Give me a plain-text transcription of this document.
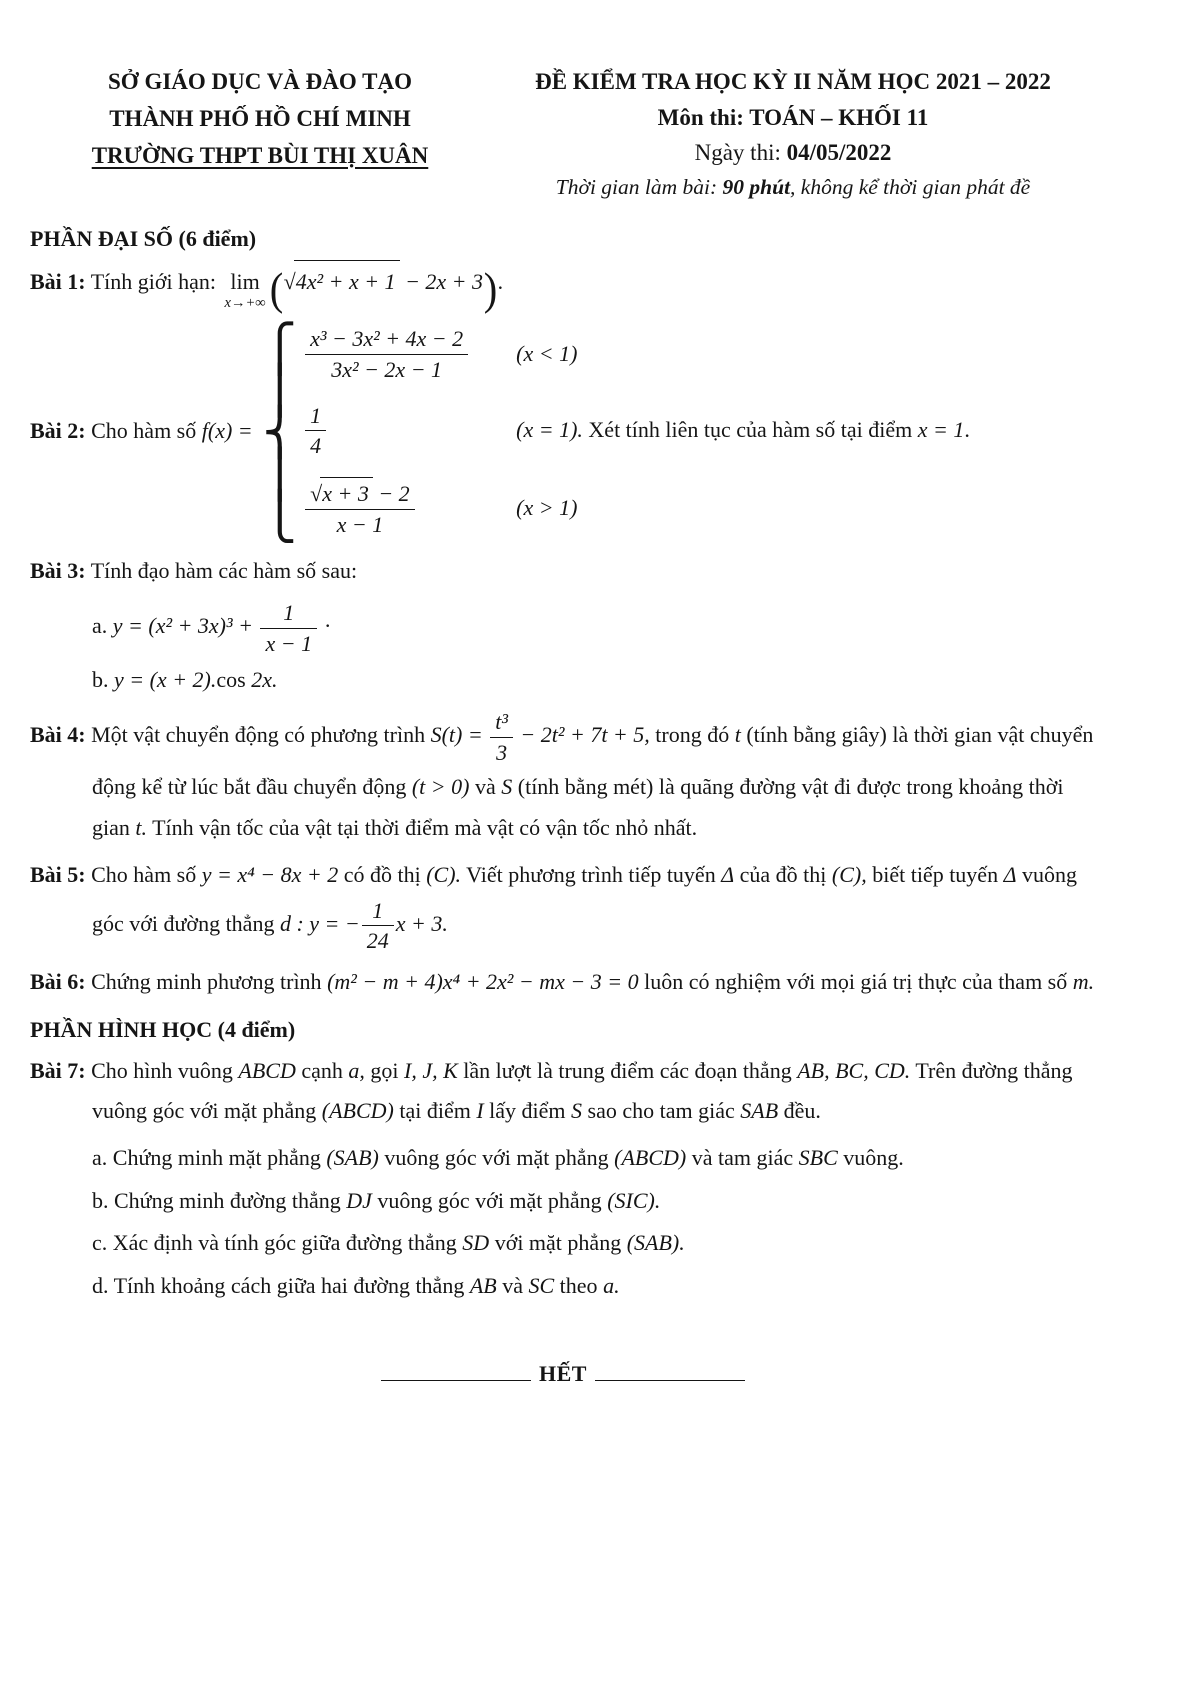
SỞ GIÁO DỤC VÀ ĐÀO TẠO
THÀNH PHỐ HỒ CHÍ MINH
TRƯỜNG THPT BÙI THỊ XUÂN
ĐỀ KIỂM TRA HỌC KỲ II NĂM HỌC 2021 – 2022
Môn thi: TOÁN – KHỐI 11
Ngày thi: 04/05/2022
Thời gian làm bài: 90 phút, không kể thời gian phát đề
PHẦN ĐẠI SỐ (6 điểm)
Bài 1: Tính giới hạn: lim
x→+∞ (√4x² + x + 1 − 2x + 3).
Bài 2: Cho hàm số f(x) =
⎧
⎪
⎨
⎪
⎩
$\frac{\text{x³ − 3x² + 4x − 2}}{\text{3x² − 2x − 1}} (x < 1)$
$\frac{1}{4}$	(x = 1). Xét tính liên tục của hàm số tại điểm x = 1.
$\frac{√x + 3 - 2}{x - 1}$	(x > 1)
Bài 3: Tính đạo hàm các hàm số sau:
a. $y = (x^2 + 3x)^3 + \frac{1}{x - 1}$ ·
b. y = (x + 2).cos 2x.
Bài 4: Một vật chuyển động có phương trình $S(t) = \frac{\text{t³}}{3} - 2t^2 + 7t + 5$, trong đó t (tính bằng giây) là thời gian vật chuyển động kể từ lúc bắt đầu chuyển động (t > 0) và S (tính bằng mét) là quãng đường vật đi được trong khoảng thời gian t. Tính vận tốc của vật tại thời điểm mà vật có vận tốc nhỏ nhất.
Bài 5: Cho hàm số y = x⁴ − 8x + 2 có đồ thị (C). Viết phương trình tiếp tuyến Δ của đồ thị (C), biết tiếp tuyến Δ vuông góc với đường thẳng d : y = − $\frac{1}{24}$ x + 3.
Bài 6: Chứng minh phương trình (m² − m + 4)x⁴ + 2x² − mx − 3 = 0 luôn có nghiệm với mọi giá trị thực của tham số m.
PHẦN HÌNH HỌC (4 điểm)
Bài 7: Cho hình vuông ABCD cạnh a, gọi I, J, K lần lượt là trung điểm các đoạn thẳng AB, BC, CD. Trên đường thẳng vuông góc với mặt phẳng (ABCD) tại điểm I lấy điểm S sao cho tam giác SAB đều.
a. Chứng minh mặt phẳng (SAB) vuông góc với mặt phẳng (ABCD) và tam giác SBC vuông.
b. Chứng minh đường thẳng DJ vuông góc với mặt phẳng (SIC).
c. Xác định và tính góc giữa đường thẳng SD với mặt phẳng (SAB).
d. Tính khoảng cách giữa hai đường thẳng AB và SC theo a.
HẾT
